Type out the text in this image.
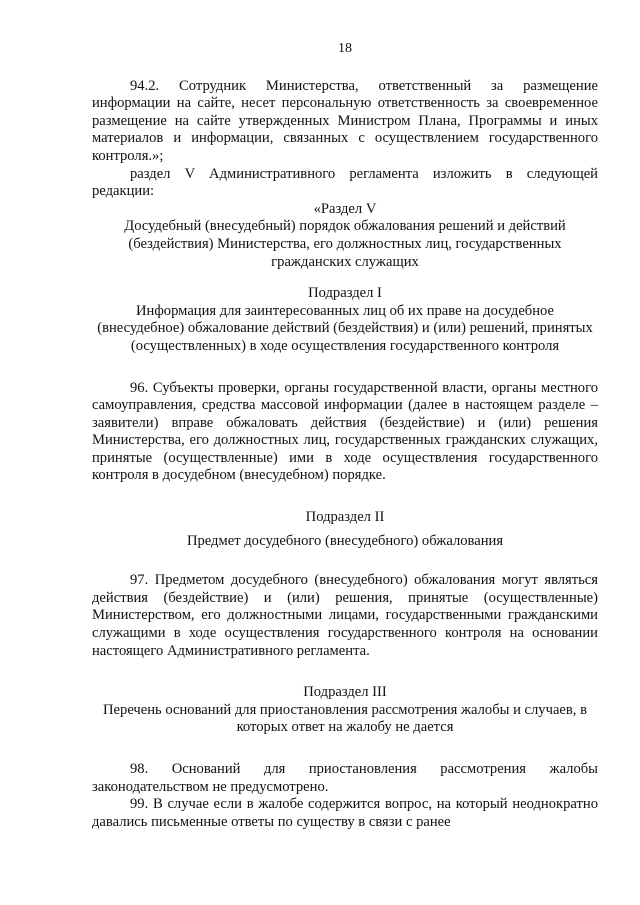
18

94.2. Сотрудник Министерства, ответственный за размещение информации на сайте, несет персональную ответственность за своевременное размещение на сайте утвержденных Министром Плана, Программы и иных материалов и информации, связанных с осуществлением государственного контроля.»;

раздел V Административного регламента изложить в следующей редакции:

«Раздел V

Досудебный (внесудебный) порядок обжалования решений и действий (бездействия) Министерства, его должностных лиц, государственных гражданских служащих

Подраздел I

Информация для заинтересованных лиц об их праве на досудебное (внесудебное) обжалование действий (бездействия) и (или) решений, принятых (осуществленных) в ходе осуществления государственного контроля

96. Субъекты проверки, органы государственной власти, органы местного самоуправления, средства массовой информации (далее в настоящем разделе – заявители) вправе обжаловать действия (бездействие) и (или) решения Министерства, его должностных лиц, государственных гражданских служащих, принятые (осуществленные) ими в ходе осуществления государственного контроля в досудебном (внесудебном) порядке.

Подраздел II

Предмет досудебного (внесудебного) обжалования

97. Предметом досудебного (внесудебного) обжалования могут являться действия (бездействие) и (или) решения, принятые (осуществленные) Министерством, его должностными лицами, государственными гражданскими служащими в ходе осуществления государственного контроля на основании настоящего Административного регламента.

Подраздел III

Перечень оснований для приостановления рассмотрения жалобы и случаев, в которых ответ на жалобу не дается

98. Оснований для приостановления рассмотрения жалобы законодательством не предусмотрено.

99. В случае если в жалобе содержится вопрос, на который неоднократно давались письменные ответы по существу в связи с ранее
